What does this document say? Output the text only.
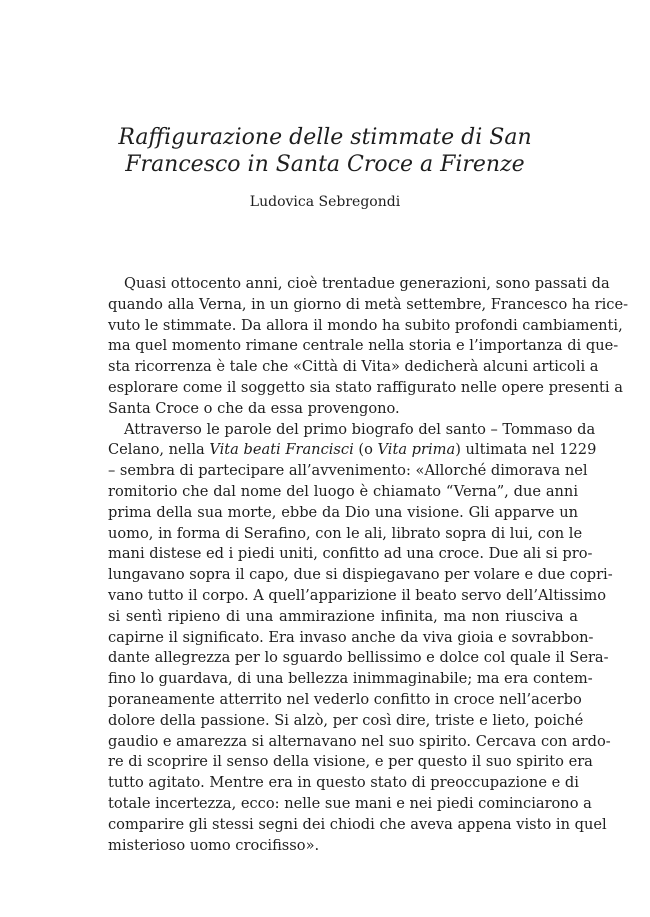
Raffigurazione delle stimmate di San
Francesco in Santa Croce a Firenze
Ludovica Sebregondi
Quasi ottocento anni, cioè trentadue generazioni, sono passati da
quando alla Verna, in un giorno di metà settembre, Francesco ha rice-
vuto le stimmate. Da allora il mondo ha subito profondi cambiamenti,
ma quel momento rimane centrale nella storia e l’importanza di que-
sta ricorrenza è tale che «Città di Vita» dedicherà alcuni articoli a
esplorare come il soggetto sia stato raffigurato nelle opere presenti a
Santa Croce o che da essa provengono.
Attraverso le parole del primo biografo del santo – Tommaso da
Celano, nella Vita beati Francisci (o Vita prima) ultimata nel 1229
– sembra di partecipare all’avvenimento: «Allorché dimorava nel
romitorio che dal nome del luogo è chiamato “Verna”, due anni
prima della sua morte, ebbe da Dio una visione. Gli apparve un
uomo, in forma di Serafino, con le ali, librato sopra di lui, con le
mani distese ed i piedi uniti, confitto ad una croce. Due ali si pro-
lungavano sopra il capo, due si dispiegavano per volare e due copri-
vano tutto il corpo. A quell’apparizione il beato servo dell’Altissimo
si sentì ripieno di una ammirazione infinita, ma non riusciva a
capirne il significato. Era invaso anche da viva gioia e sovrabbon-
dante allegrezza per lo sguardo bellissimo e dolce col quale il Sera-
fino lo guardava, di una bellezza inimmaginabile; ma era contem-
poraneamente atterrito nel vederlo confitto in croce nell’acerbo
dolore della passione. Si alzò, per così dire, triste e lieto, poiché
gaudio e amarezza si alternavano nel suo spirito. Cercava con ardo-
re di scoprire il senso della visione, e per questo il suo spirito era
tutto agitato. Mentre era in questo stato di preoccupazione e di
totale incertezza, ecco: nelle sue mani e nei piedi cominciarono a
comparire gli stessi segni dei chiodi che aveva appena visto in quel
misterioso uomo crocifisso».
